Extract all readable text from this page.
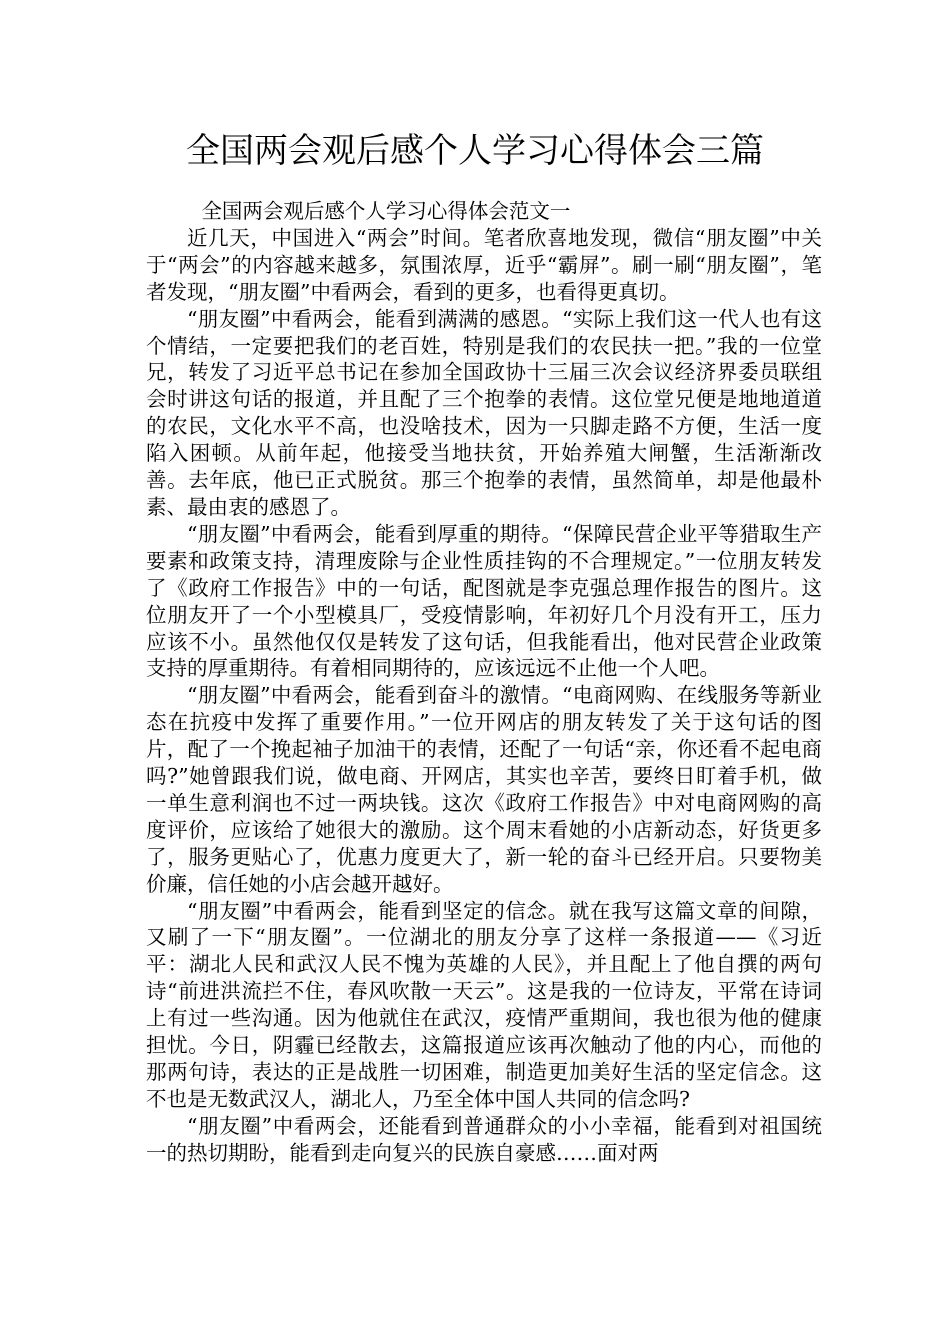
全国两会观后感个人学习心得体会三篇

全国两会观后感个人学习心得体会范文一

近几天，中国进入“两会”时间。笔者欣喜地发现，微信“朋友圈”中关于“两会”的内容越来越多，氛围浓厚，近乎“霸屏”。刷一刷“朋友圈”，笔者发现，“朋友圈”中看两会，看到的更多，也看得更真切。

“朋友圈”中看两会，能看到满满的感恩。“实际上我们这一代人也有这个情结，一定要把我们的老百姓，特别是我们的农民扶一把。”我的一位堂兄，转发了习近平总书记在参加全国政协十三届三次会议经济界委员联组会时讲这句话的报道，并且配了三个抱拳的表情。这位堂兄便是地地道道的农民，文化水平不高，也没啥技术，因为一只脚走路不方便，生活一度陷入困顿。从前年起，他接受当地扶贫，开始养殖大闸蟹，生活渐渐改善。去年底，他已正式脱贫。那三个抱拳的表情，虽然简单，却是他最朴素、最由衷的感恩了。

“朋友圈”中看两会，能看到厚重的期待。“保障民营企业平等猎取生产要素和政策支持，清理废除与企业性质挂钩的不合理规定。”一位朋友转发了《政府工作报告》中的一句话，配图就是李克强总理作报告的图片。这位朋友开了一个小型模具厂，受疫情影响，年初好几个月没有开工，压力应该不小。虽然他仅仅是转发了这句话，但我能看出，他对民营企业政策支持的厚重期待。有着相同期待的，应该远远不止他一个人吧。

“朋友圈”中看两会，能看到奋斗的激情。“电商网购、在线服务等新业态在抗疫中发挥了重要作用。”一位开网店的朋友转发了关于这句话的图片，配了一个挽起袖子加油干的表情，还配了一句话“亲，你还看不起电商吗?”她曾跟我们说，做电商、开网店，其实也辛苦，要终日盯着手机，做一单生意利润也不过一两块钱。这次《政府工作报告》中对电商网购的高度评价，应该给了她很大的激励。这个周末看她的小店新动态，好货更多了，服务更贴心了，优惠力度更大了，新一轮的奋斗已经开启。只要物美价廉，信任她的小店会越开越好。

“朋友圈”中看两会，能看到坚定的信念。就在我写这篇文章的间隙，又刷了一下“朋友圈”。一位湖北的朋友分享了这样一条报道——《习近平：湖北人民和武汉人民不愧为英雄的人民》，并且配上了他自撰的两句诗“前进洪流拦不住，春风吹散一天云”。这是我的一位诗友，平常在诗词上有过一些沟通。因为他就住在武汉，疫情严重期间，我也很为他的健康担忧。今日，阴霾已经散去，这篇报道应该再次触动了他的内心，而他的那两句诗，表达的正是战胜一切困难，制造更加美好生活的坚定信念。这不也是无数武汉人，湖北人，乃至全体中国人共同的信念吗?

“朋友圈”中看两会，还能看到普通群众的小小幸福，能看到对祖国统一的热切期盼，能看到走向复兴的民族自豪感……面对两
